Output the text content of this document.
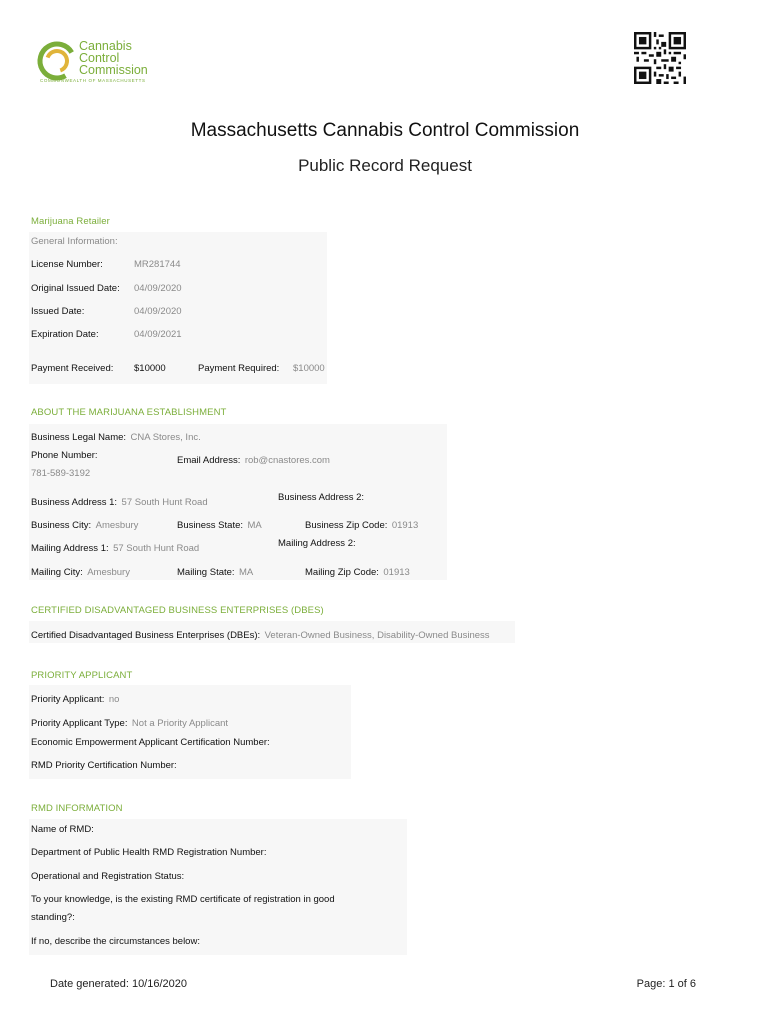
Cannabis
Control
Commission
COMMONWEALTH OF MASSACHUSETTS
Massachusetts Cannabis Control Commission
Public Record Request
Marijuana Retailer
General Information:
License Number:	MR281744
Original Issued Date: 04/09/2020
Issued Date:	04/09/2020
Expiration Date:	04/09/2021
Payment Received: $10000	Payment Required: $10000
ABOUT THE MARIJUANA ESTABLISHMENT
Business Legal Name: CNA Stores, Inc.
Phone Number:	Email Address: rob@cnastores.com
781-589-3192
Business Address 1: 57 South Hunt Road	Business Address 2:
Business City: Amesbury	Business State: MA	Business Zip Code: 01913
Mailing Address 1: 57 South Hunt Road	Mailing Address 2:
Mailing City: Amesbury	Mailing State: MA	Mailing Zip Code: 01913
CERTIFIED DISADVANTAGED BUSINESS ENTERPRISES (DBES)
Certified Disadvantaged Business Enterprises (DBEs): Veteran-Owned Business, Disability-Owned Business
PRIORITY APPLICANT
Priority Applicant: no
Priority Applicant Type: Not a Priority Applicant
Economic Empowerment Applicant Certification Number:
RMD Priority Certification Number:
RMD INFORMATION
Name of RMD:
Department of Public Health RMD Registration Number:
Operational and Registration Status:
To your knowledge, is the existing RMD certificate of registration in good
standing?:
If no, describe the circumstances below:
Date generated: 10/16/2020	Page: 1 of 6
